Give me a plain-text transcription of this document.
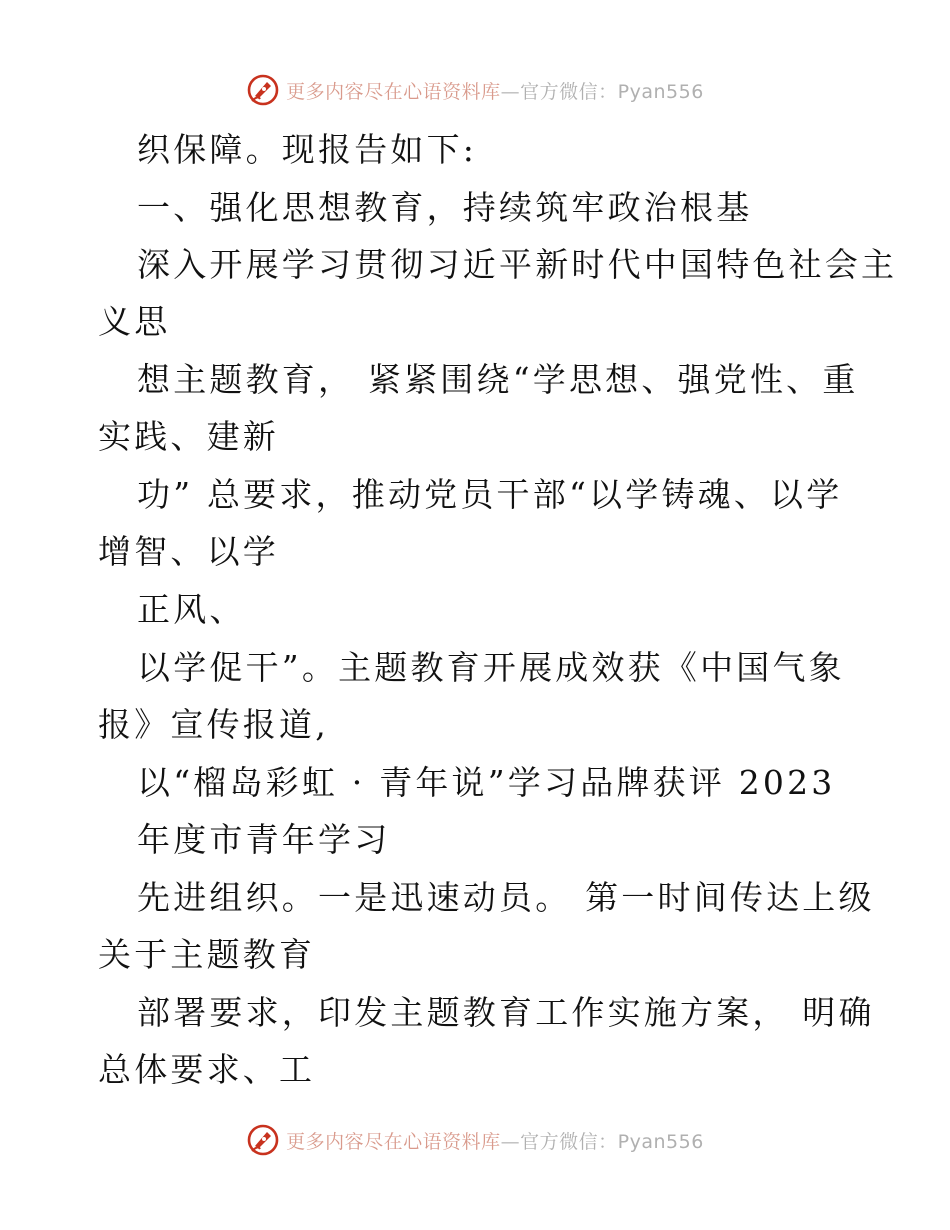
更多内容尽在心语资料库—官方微信：Pyan556
织保障。现报告如下:
一、强化思想教育，持续筑牢政治根基
深入开展学习贯彻习近平新时代中国特色社会主
义思
想主题教育， 紧紧围绕“学思想、强党性、重
实践、建新
功” 总要求，推动党员干部“以学铸魂、以学
增智、以学
正风、
以学促干”。主题教育开展成效获《中国气象
报》宣传报道,
以“榴岛彩虹 · 青年说”学习品牌获评 2023
年度市青年学习
先进组织。一是迅速动员。 第一时间传达上级
关于主题教育
部署要求，印发主题教育工作实施方案， 明确
总体要求、工
更多内容尽在心语资料库—官方微信：Pyan556
